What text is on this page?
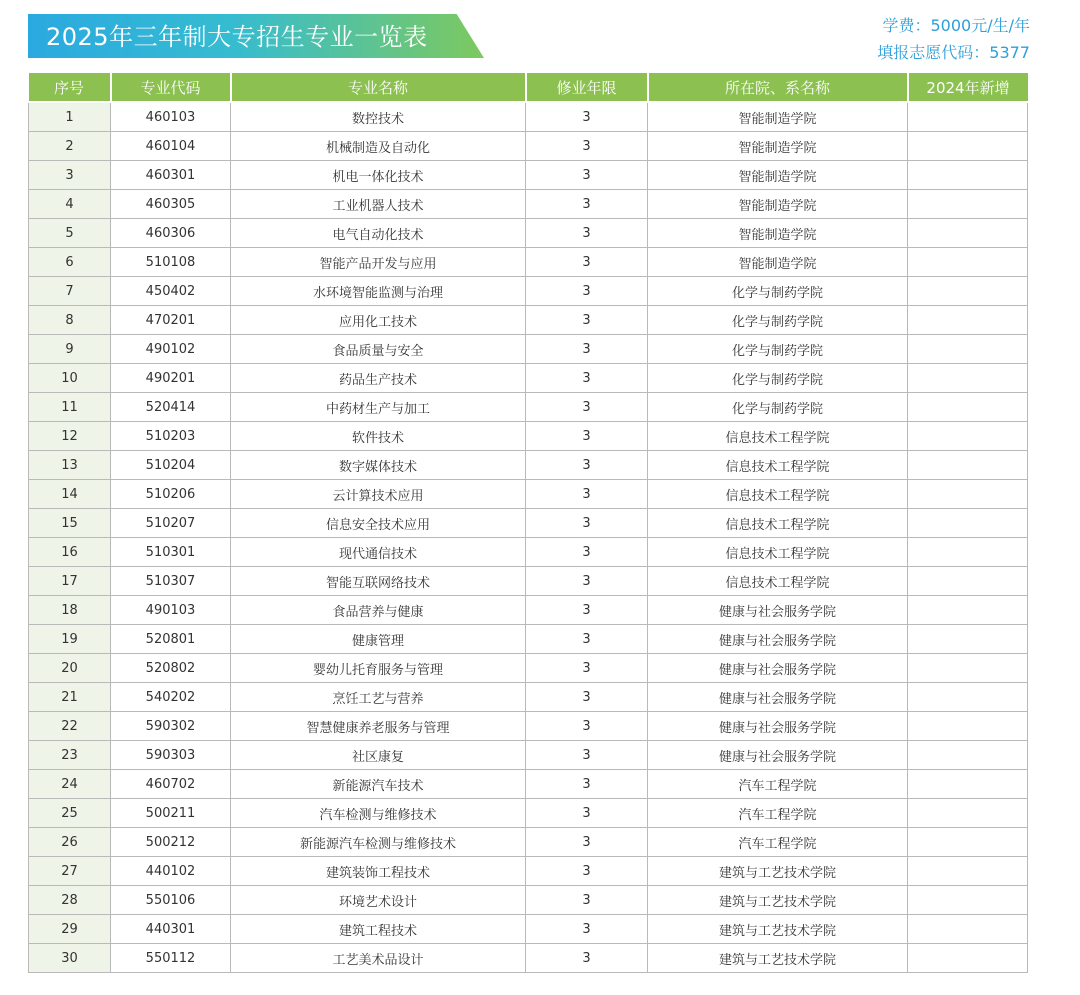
2025年三年制大专招生专业一览表	学费：5000元/生/年
填报志愿代码：5377
序号	专业代码	专业名称	修业年限	所在院、系名称	2024年新增
1	460103	数控技术	3	智能制造学院	
2	460104	机械制造及自动化	3	智能制造学院	
3	460301	机电一体化技术	3	智能制造学院	
4	460305	工业机器人技术	3	智能制造学院	
5	460306	电气自动化技术	3	智能制造学院	
6	510108	智能产品开发与应用	3	智能制造学院	
7	450402	水环境智能监测与治理	3	化学与制药学院	
8	470201	应用化工技术	3	化学与制药学院	
9	490102	食品质量与安全	3	化学与制药学院	
10	490201	药品生产技术	3	化学与制药学院	
11	520414	中药材生产与加工	3	化学与制药学院	
12	510203	软件技术	3	信息技术工程学院	
13	510204	数字媒体技术	3	信息技术工程学院	
14	510206	云计算技术应用	3	信息技术工程学院	
15	510207	信息安全技术应用	3	信息技术工程学院	
16	510301	现代通信技术	3	信息技术工程学院	
17	510307	智能互联网络技术	3	信息技术工程学院	
18	490103	食品营养与健康	3	健康与社会服务学院	
19	520801	健康管理	3	健康与社会服务学院	
20	520802	婴幼儿托育服务与管理	3	健康与社会服务学院	
21	540202	烹饪工艺与营养	3	健康与社会服务学院	
22	590302	智慧健康养老服务与管理	3	健康与社会服务学院	
23	590303	社区康复	3	健康与社会服务学院	
24	460702	新能源汽车技术	3	汽车工程学院	
25	500211	汽车检测与维修技术	3	汽车工程学院	
26	500212	新能源汽车检测与维修技术	3	汽车工程学院	
27	440102	建筑装饰工程技术	3	建筑与工艺技术学院	
28	550106	环境艺术设计	3	建筑与工艺技术学院	
29	440301	建筑工程技术	3	建筑与工艺技术学院	
30	550112	工艺美术品设计	3	建筑与工艺技术学院	
